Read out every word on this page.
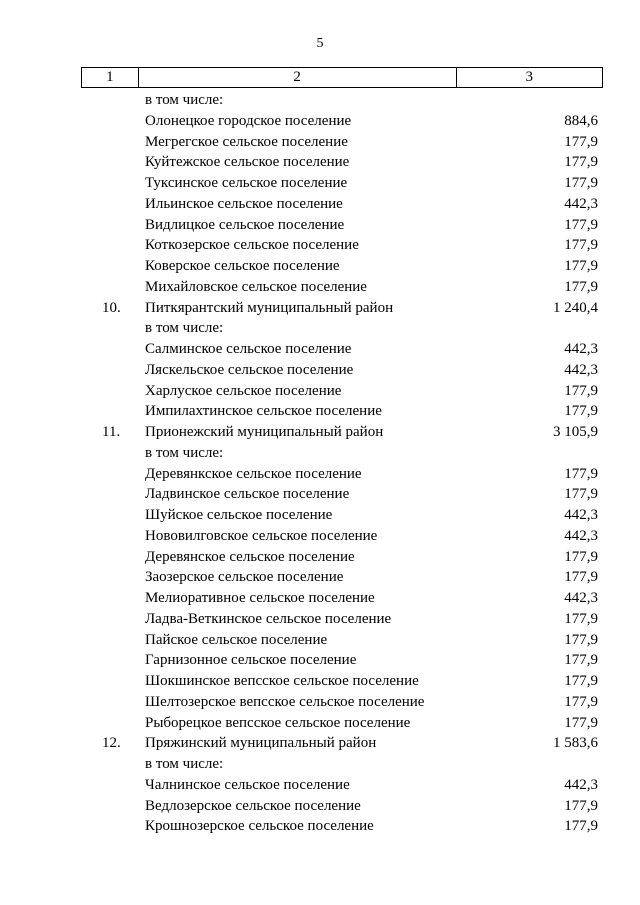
5
1	2	3
в том числе:
Олонецкое городское поселение	884,6
Мегрегское сельское поселение	177,9
Куйтежское сельское поселение	177,9
Туксинское сельское поселение	177,9
Ильинское сельское поселение	442,3
Видлицкое сельское поселение	177,9
Коткозерское сельское поселение	177,9
Коверское сельское поселение	177,9
Михайловское сельское поселение	177,9
10.	Питкярантский муниципальный район	1 240,4
в том числе:
Салминское сельское поселение	442,3
Ляскельское сельское поселение	442,3
Харлуское сельское поселение	177,9
Импилахтинское сельское поселение	177,9
11.	Прионежский муниципальный район	3 105,9
в том числе:
Деревянкское сельское поселение	177,9
Ладвинское сельское поселение	177,9
Шуйское сельское поселение	442,3
Нововилговское сельское поселение	442,3
Деревянское сельское поселение	177,9
Заозерское сельское поселение	177,9
Мелиоративное сельское поселение	442,3
Ладва-Веткинское сельское поселение	177,9
Пайское сельское поселение	177,9
Гарнизонное сельское поселение	177,9
Шокшинское вепсское сельское поселение	177,9
Шелтозерское вепсское сельское поселение	177,9
Рыборецкое вепсское сельское поселение	177,9
12.	Пряжинский муниципальный район	1 583,6
в том числе:
Чалнинское сельское поселение	442,3
Ведлозерское сельское поселение	177,9
Крошнозерское сельское поселение	177,9
